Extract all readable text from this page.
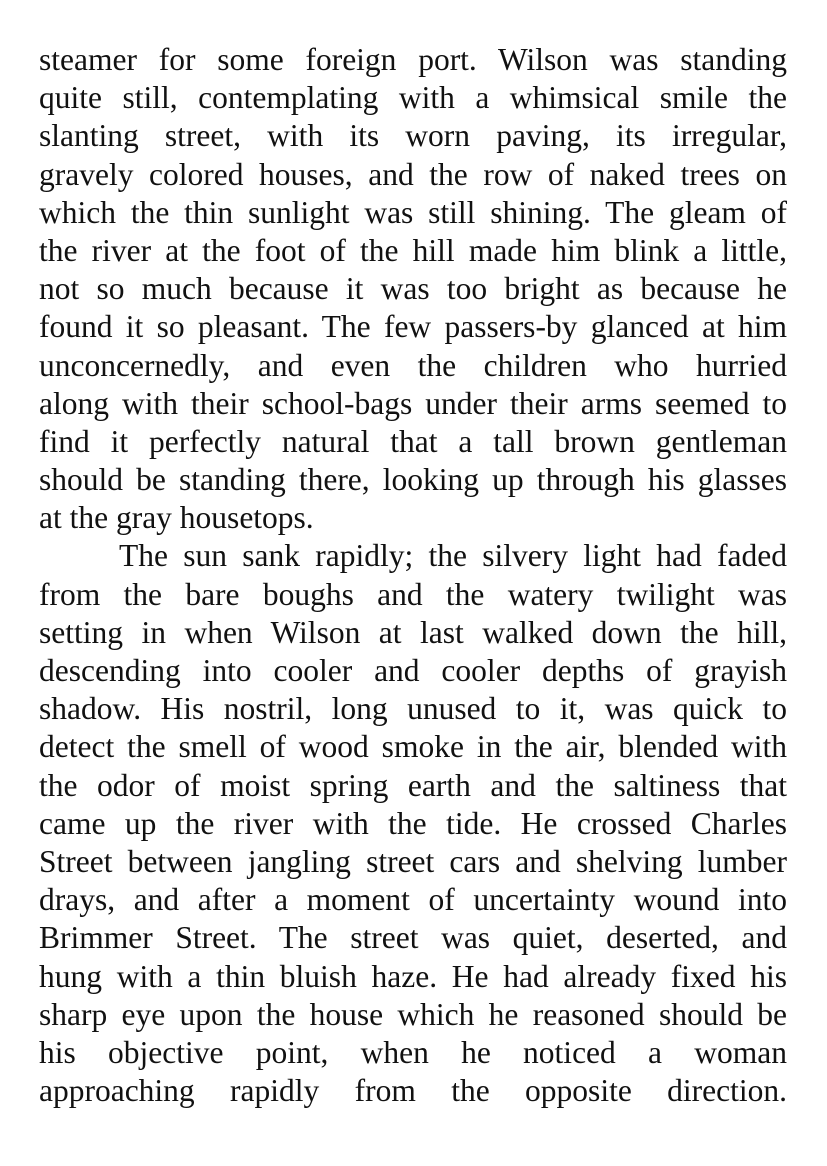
steamer for some foreign port. Wilson was standing
quite still, contemplating with a whimsical smile the
slanting street, with its worn paving, its irregular,
gravely colored houses, and the row of naked trees on
which the thin sunlight was still shining. The gleam of
the river at the foot of the hill made him blink a little,
not so much because it was too bright as because he
found it so pleasant. The few passers-by glanced at him
unconcernedly, and even the children who hurried
along with their school-bags under their arms seemed to
find it perfectly natural that a tall brown gentleman
should be standing there, looking up through his glasses
at the gray housetops.
The sun sank rapidly; the silvery light had faded
from the bare boughs and the watery twilight was
setting in when Wilson at last walked down the hill,
descending into cooler and cooler depths of grayish
shadow. His nostril, long unused to it, was quick to
detect the smell of wood smoke in the air, blended with
the odor of moist spring earth and the saltiness that
came up the river with the tide. He crossed Charles
Street between jangling street cars and shelving lumber
drays, and after a moment of uncertainty wound into
Brimmer Street. The street was quiet, deserted, and
hung with a thin bluish haze. He had already fixed his
sharp eye upon the house which he reasoned should be
his objective point, when he noticed a woman
approaching rapidly from the opposite direction.
